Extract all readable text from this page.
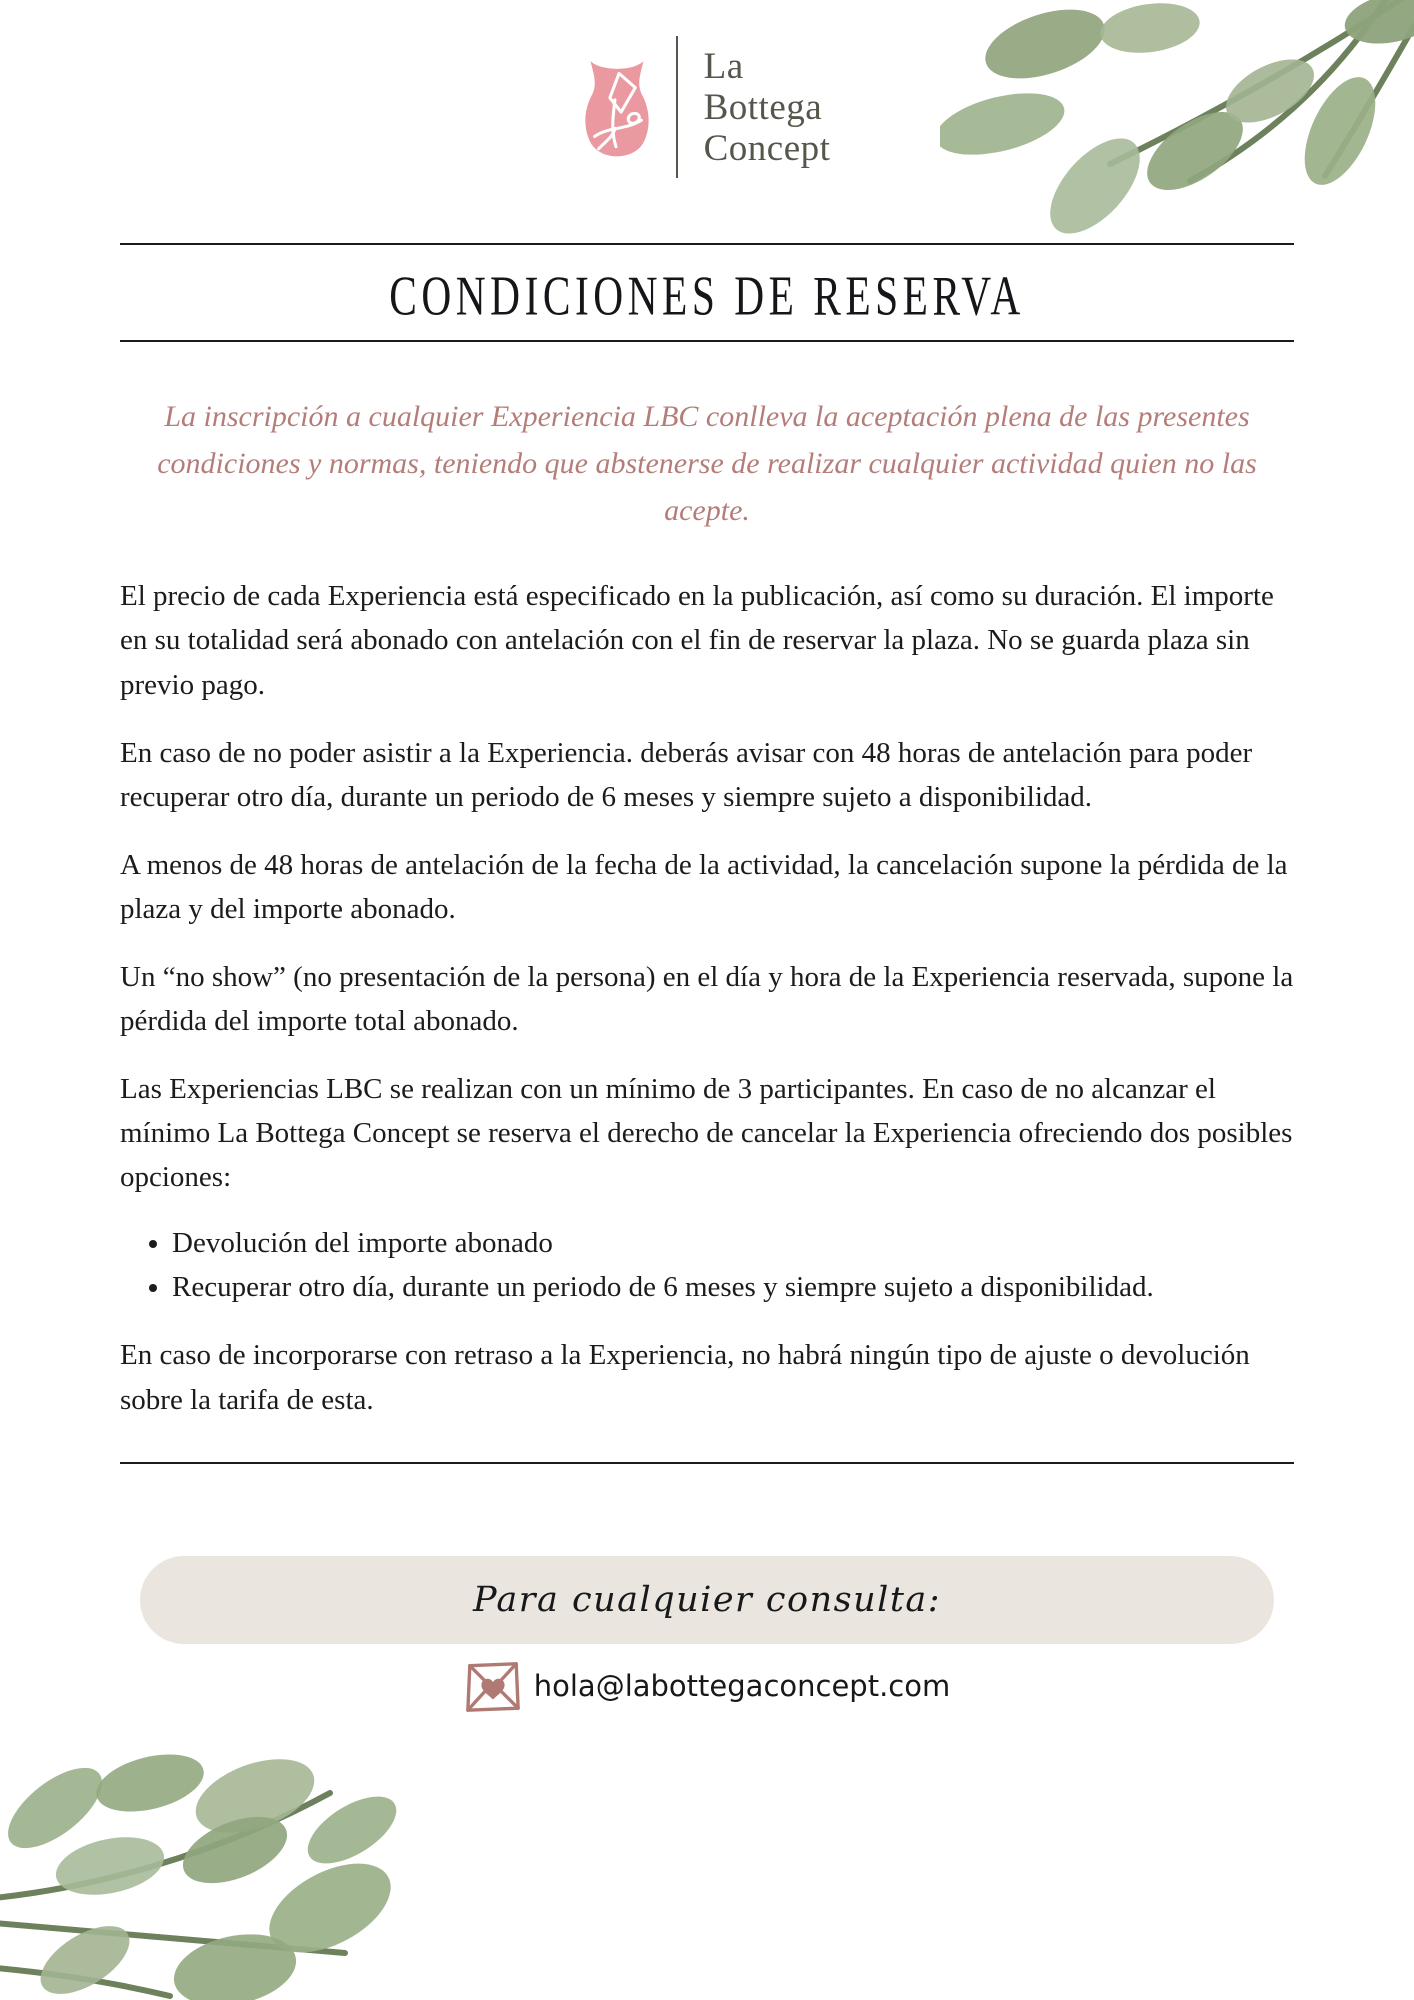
La
Bottega
Concept
CONDICIONES DE RESERVA

La inscripción a cualquier Experiencia LBC conlleva la aceptación plena de las presentes condiciones y normas, teniendo que abstenerse de realizar cualquier actividad quien no las acepte.

El precio de cada Experiencia está especificado en la publicación, así como su duración. El importe en su totalidad será abonado con antelación con el fin de reservar la plaza. No se guarda plaza sin previo pago.

En caso de no poder asistir a la Experiencia. deberás avisar con 48 horas de antelación para poder recuperar otro día, durante un periodo de 6 meses y siempre sujeto a disponibilidad.

A menos de 48 horas de antelación de la fecha de la actividad, la cancelación supone la pérdida de la plaza y del importe abonado.

Un “no show” (no presentación de la persona) en el día y hora de la Experiencia reservada, supone la pérdida del importe total abonado.

Las Experiencias LBC se realizan con un mínimo de 3 participantes. En caso de no alcanzar el mínimo La Bottega Concept se reserva el derecho de cancelar la Experiencia ofreciendo dos posibles opciones:

• Devolución del importe abonado
• Recuperar otro día, durante un periodo de 6 meses y siempre sujeto a disponibilidad.

En caso de incorporarse con retraso a la Experiencia, no habrá ningún tipo de ajuste o devolución sobre la tarifa de esta.

Para cualquier consulta:
hola@labottegaconcept.com
